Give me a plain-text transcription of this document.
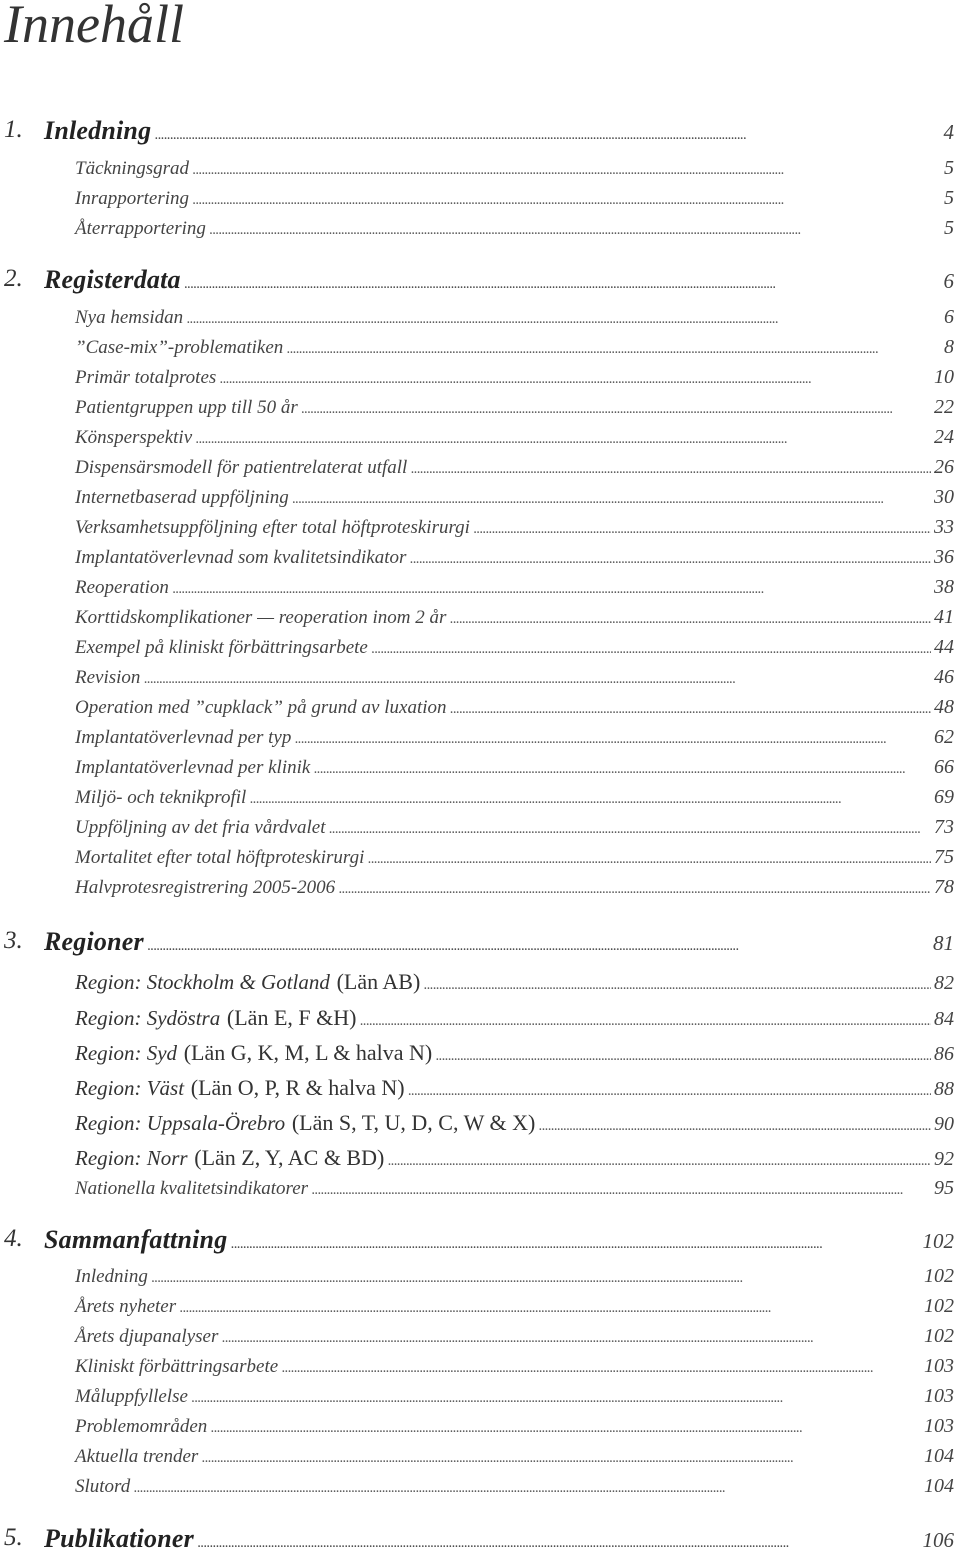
Innehåll
1. Inledning . . .	4
Täckningsgrad . . .	5
Inrapportering . . .	5
Återrapportering . . .	5
2. Registerdata . . .	6
Nya hemsidan . . .	6
”Case-mix”-problematiken . . .	8
Primär totalprotes . . .	10
Patientgruppen upp till 50 år . . .	22
Könsperspektiv . . .	24
Dispensärsmodell för patientrelaterat utfall . . .	26
Internetbaserad uppföljning . . .	30
Verksamhetsuppföljning efter total höftproteskirurgi . . .	33
Implantatöverlevnad som kvalitetsindikator . . .	36
Reoperation . . .	38
Korttidskomplikationer — reoperation inom 2 år . . .	41
Exempel på kliniskt förbättringsarbete . . .	44
Revision . . .	46
Operation med ”cupklack” på grund av luxation . . .	48
Implantatöverlevnad per typ . . .	62
Implantatöverlevnad per klinik . . .	66
Miljö- och teknikprofil . . .	69
Uppföljning av det fria vårdvalet . . .	73
Mortalitet efter total höftproteskirurgi . . .	75
Halvprotesregistrering 2005-2006 . . .	78
3. Regioner . . .	81
Region: Stockholm & Gotland (Län AB) . . .	82
Region: Sydöstra (Län E, F &H) . . .	84
Region: Syd (Län G, K, M, L & halva N) . . .	86
Region: Väst (Län O, P, R & halva N) . . .	88
Region: Uppsala-Örebro (Län S, T, U, D, C, W & X) . . .	90
Region: Norr (Län Z, Y, AC & BD) . . .	92
Nationella kvalitetsindikatorer . . .	95
4. Sammanfattning . . .	102
Inledning . . .	102
Årets nyheter . . .	102
Årets djupanalyser . . .	102
Kliniskt förbättringsarbete . . .	103
Måluppfyllelse . . .	103
Problemområden . . .	103
Aktuella trender . . .	104
Slutord . . .	104
5. Publikationer . . .	106
